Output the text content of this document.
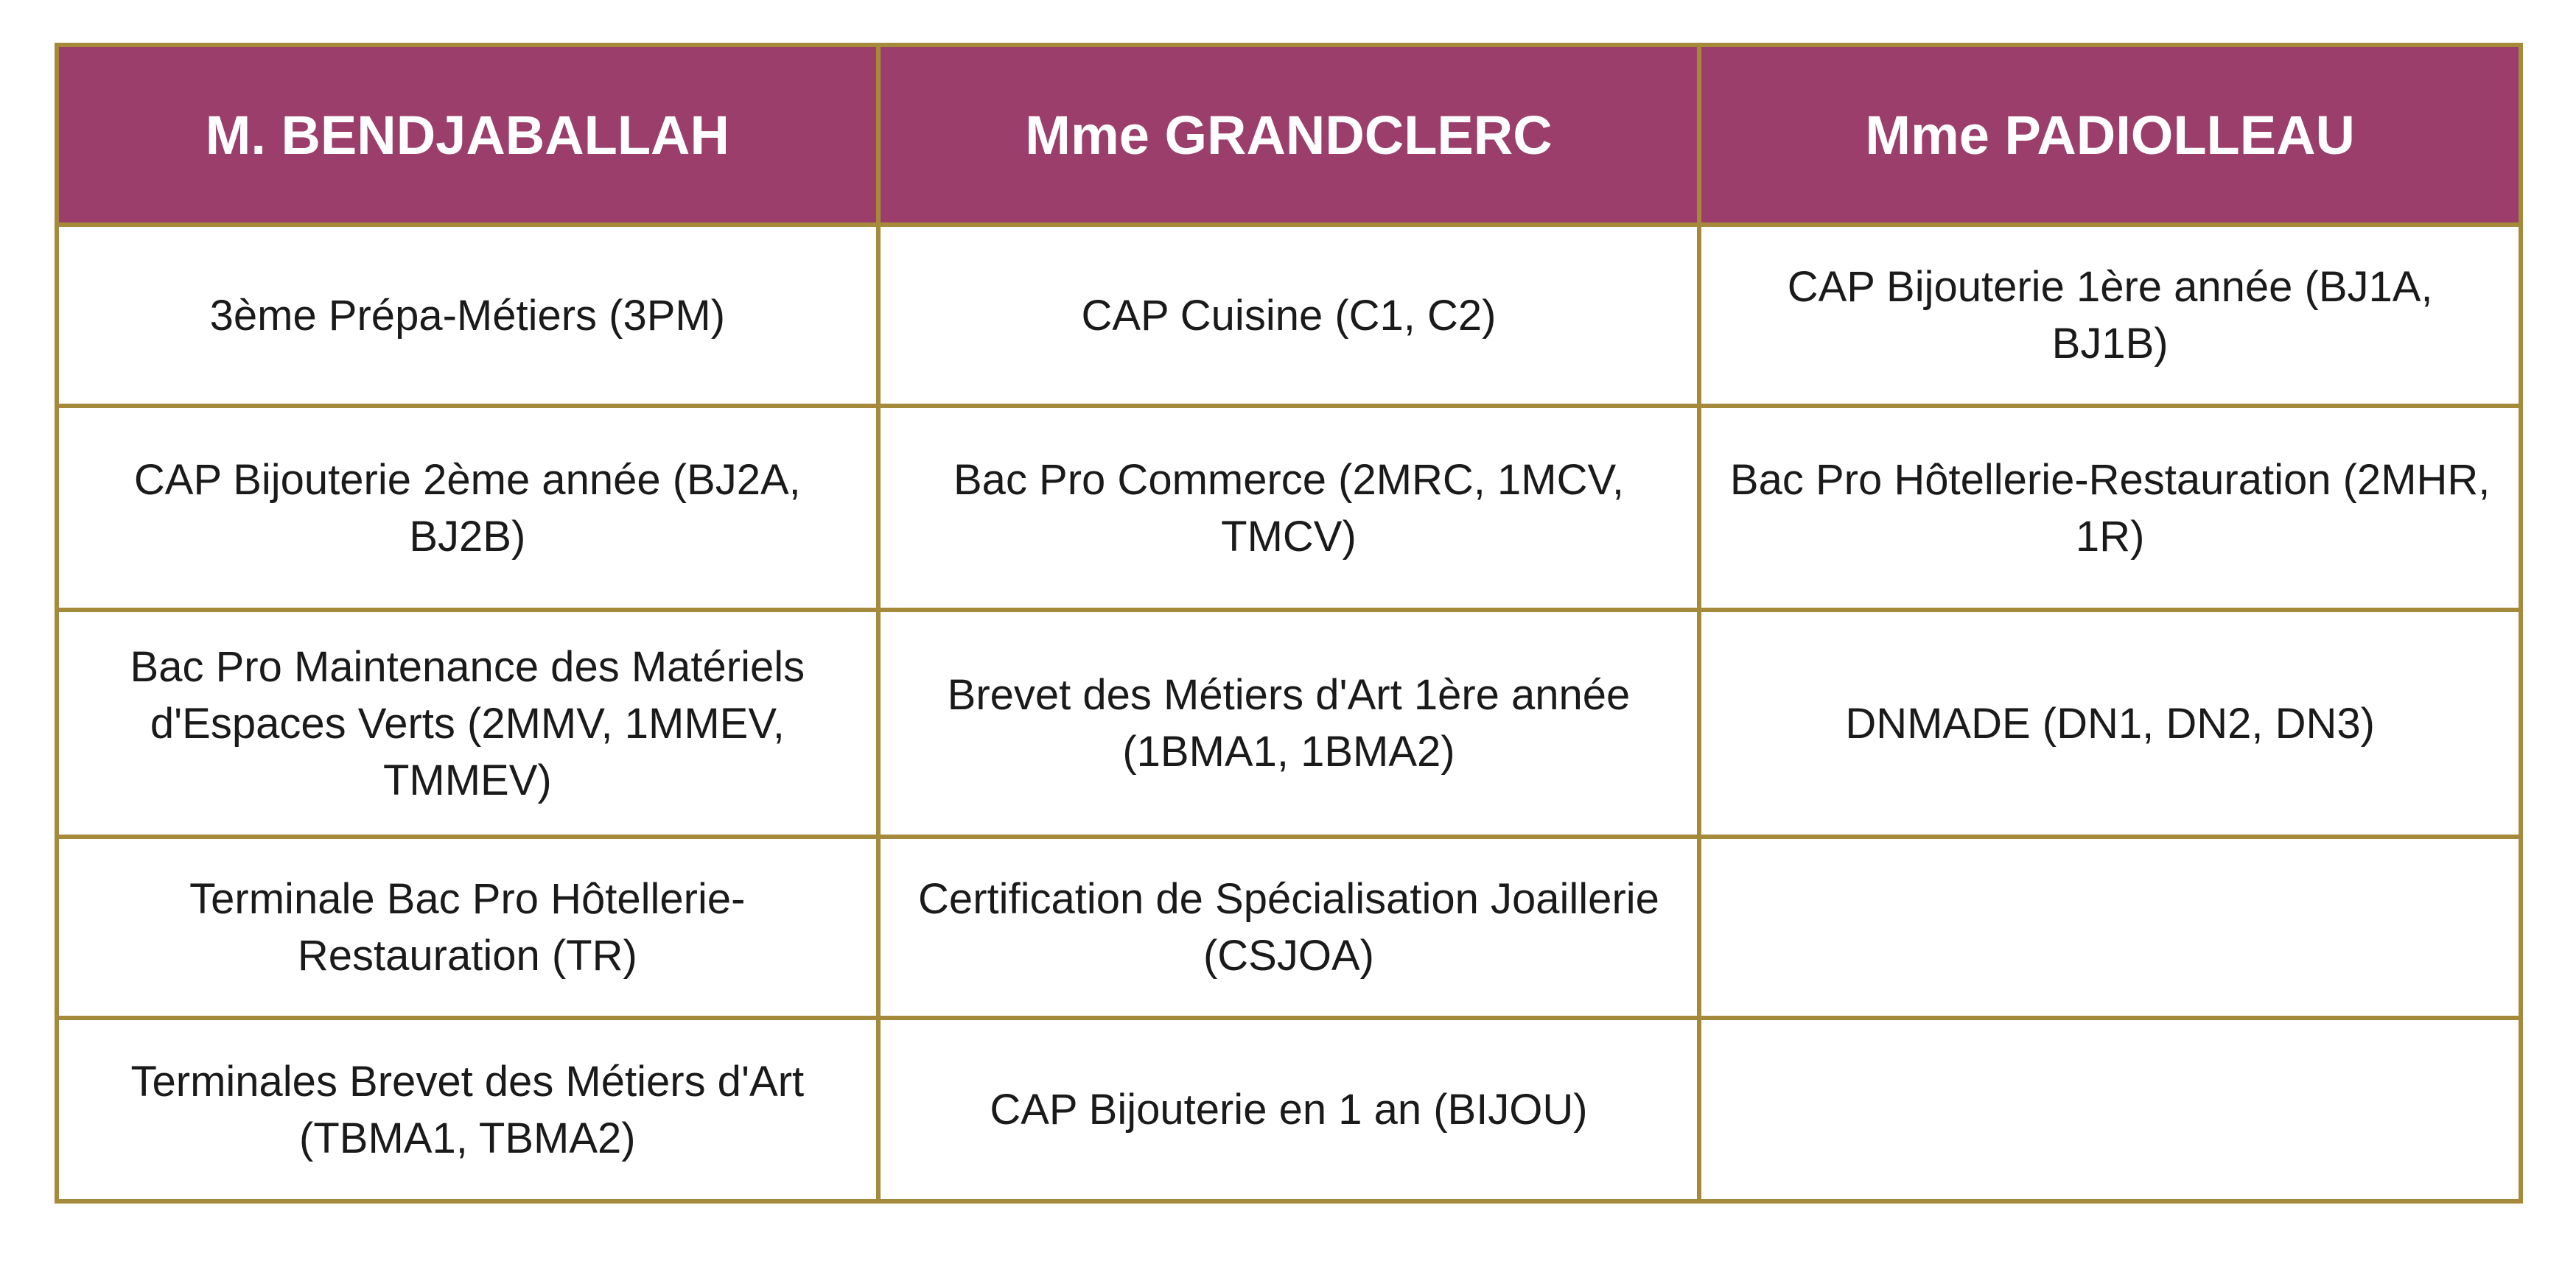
M. BENDJABALLAH	Mme GRANDCLERC	Mme PADIOLLEAU
3ème Prépa-Métiers (3PM)	CAP Cuisine (C1, C2)	CAP Bijouterie 1ère année (BJ1A, BJ1B)
CAP Bijouterie 2ème année (BJ2A, BJ2B)	Bac Pro Commerce (2MRC, 1MCV, TMCV)	Bac Pro Hôtellerie-Restauration (2MHR, 1R)
Bac Pro Maintenance des Matériels d'Espaces Verts (2MMV, 1MMEV, TMMEV)	Brevet des Métiers d'Art 1ère année (1BMA1, 1BMA2)	DNMADE (DN1, DN2, DN3)
Terminale Bac Pro Hôtellerie-Restauration (TR)	Certification de Spécialisation Joaillerie (CSJOA)	
Terminales Brevet des Métiers d'Art (TBMA1, TBMA2)	CAP Bijouterie en 1 an (BIJOU)	
